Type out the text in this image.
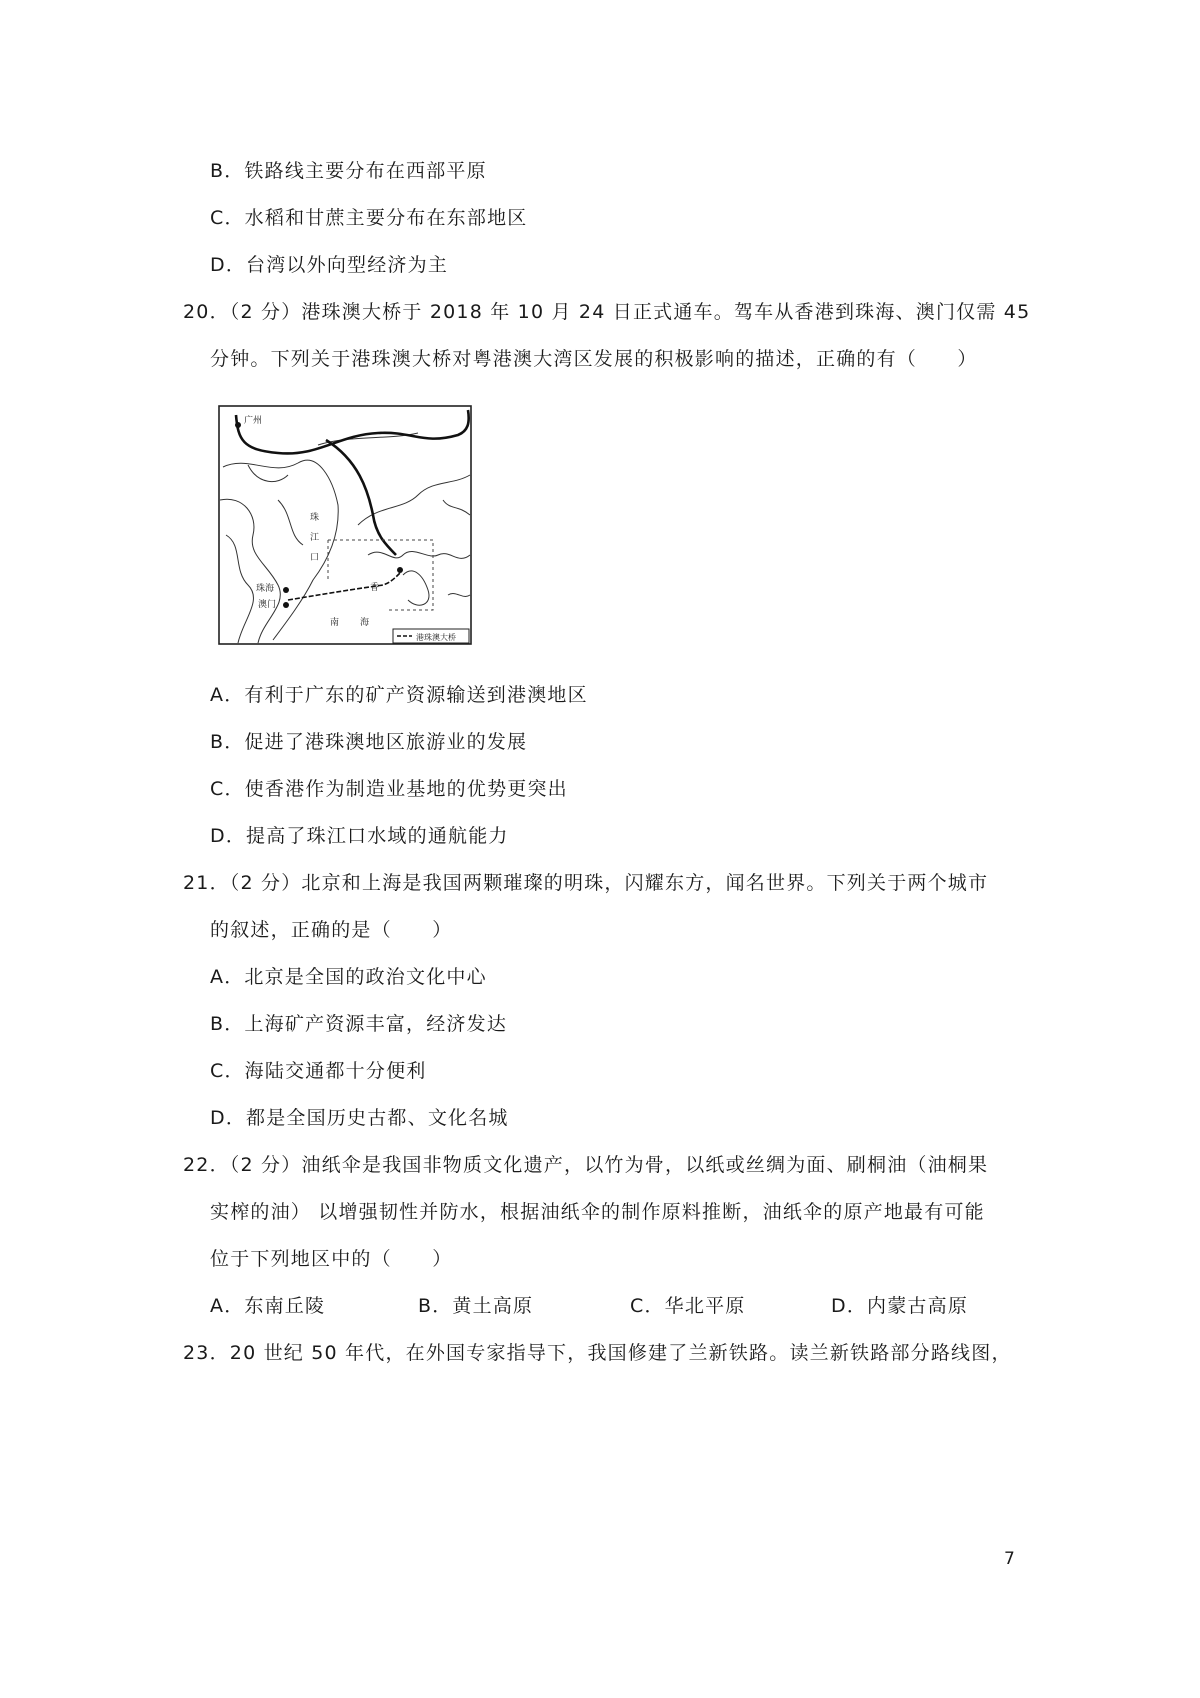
B．铁路线主要分布在西部平原
C．水稻和甘蔗主要分布在东部地区
D．台湾以外向型经济为主
20．（2 分）港珠澳大桥于 2018 年 10 月 24 日正式通车。驾车从香港到珠海、澳门仅需 45
分钟。下列关于港珠澳大桥对粤港澳大湾区发展的积极影响的描述，正确的有（　　）
广州
珠
江
口
珠海
澳门
南 海
香
港珠澳大桥
A．有利于广东的矿产资源输送到港澳地区
B．促进了港珠澳地区旅游业的发展
C．使香港作为制造业基地的优势更突出
D．提高了珠江口水域的通航能力
21．（2 分）北京和上海是我国两颗璀璨的明珠，闪耀东方，闻名世界。下列关于两个城市
的叙述，正确的是（　　）
A．北京是全国的政治文化中心
B．上海矿产资源丰富，经济发达
C．海陆交通都十分便利
D．都是全国历史古都、文化名城
22．（2 分）油纸伞是我国非物质文化遗产，以竹为骨，以纸或丝绸为面、刷桐油（油桐果
实榨的油） 以增强韧性并防水，根据油纸伞的制作原料推断，油纸伞的原产地最有可能
位于下列地区中的（　　）
A．东南丘陵	B．黄土高原	C．华北平原	D．内蒙古高原
23．20 世纪 50 年代，在外国专家指导下，我国修建了兰新铁路。读兰新铁路部分路线图，
7
